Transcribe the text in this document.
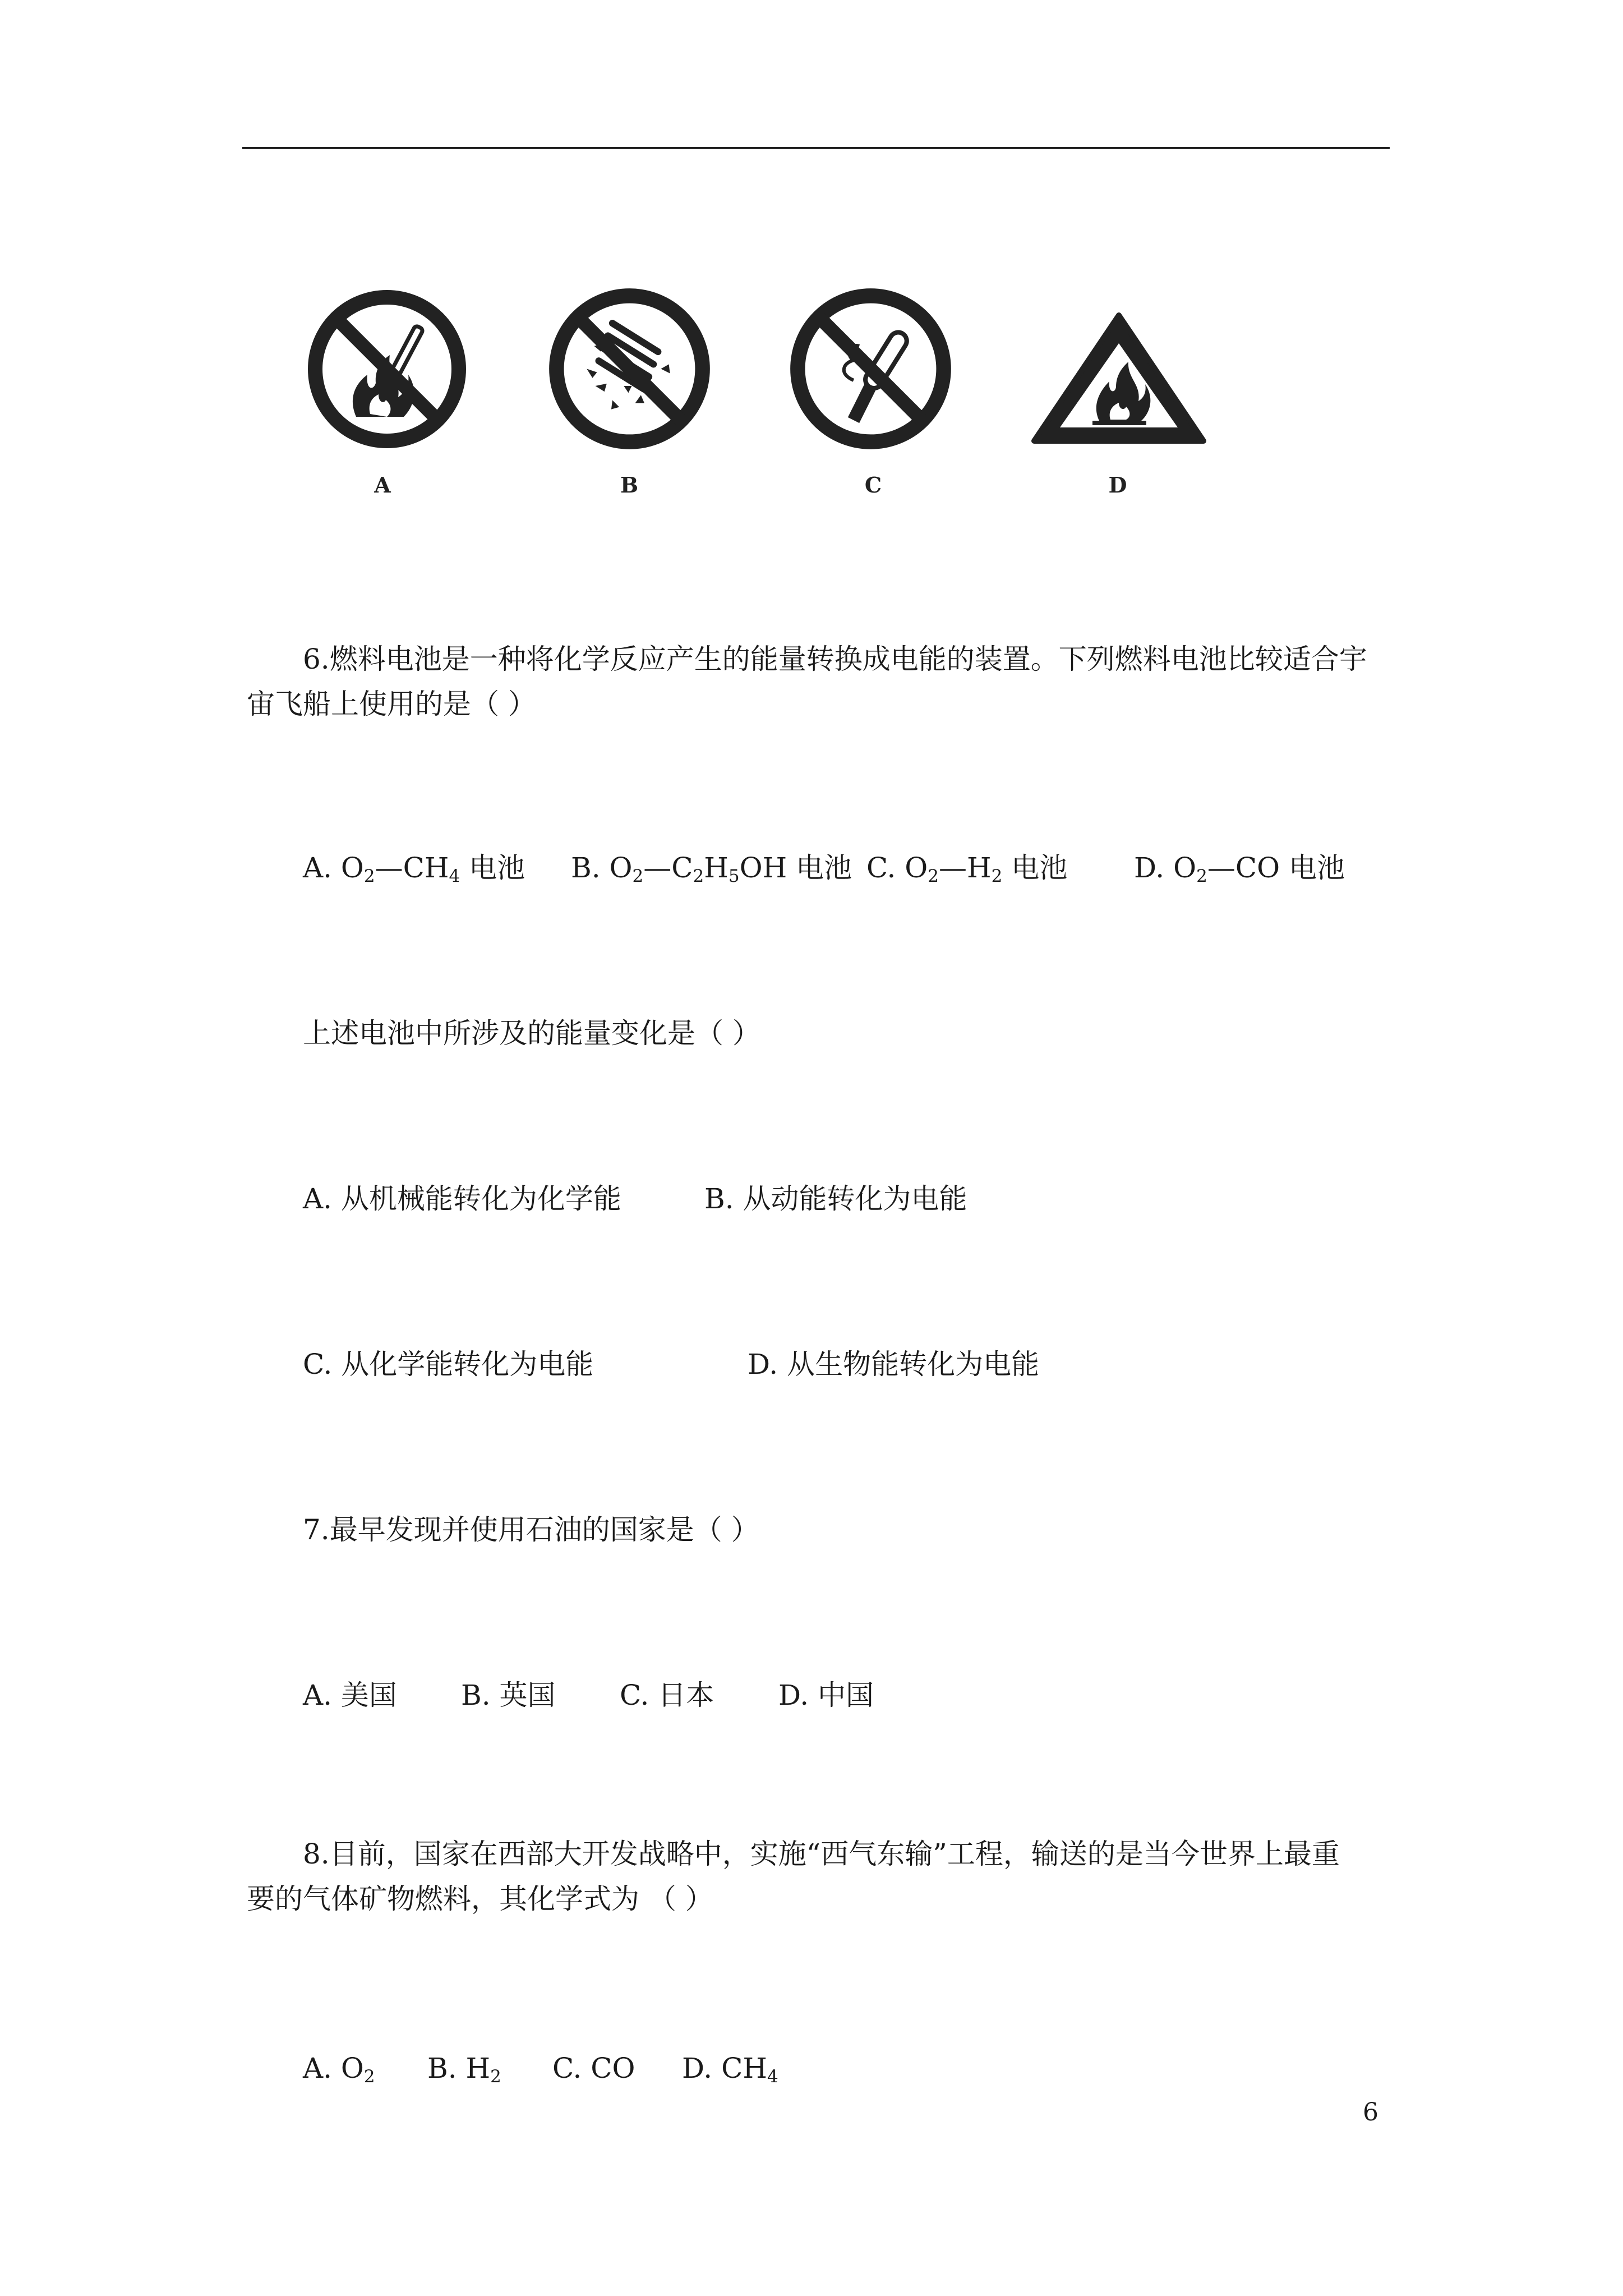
A	B	C	D
6.燃料电池是一种将化学反应产生的能量转换成电能的装置。下列燃料电池比较适合宇
宙飞船上使用的是（ ）
A. $O_2—CH_4$ 电池 B. $O_2—C_2H_5OH$ 电池 C. $O_2—H_2$ 电池 D. $O_2—CO$ 电池
上述电池中所涉及的能量变化是（ ）
A. 从机械能转化为化学能	B. 从动能转化为电能
C. 从化学能转化为电能	D. 从生物能转化为电能
7.最早发现并使用石油的国家是（ ）
A. 美国 B. 英国 C. 日本 D. 中国
8.目前，国家在西部大开发战略中，实施“西气东输”工程，输送的是当今世界上最重
要的气体矿物燃料，其化学式为 （ ）
A. $O_2$ B. $H_2$ C. CO D. $CH_4$
6
